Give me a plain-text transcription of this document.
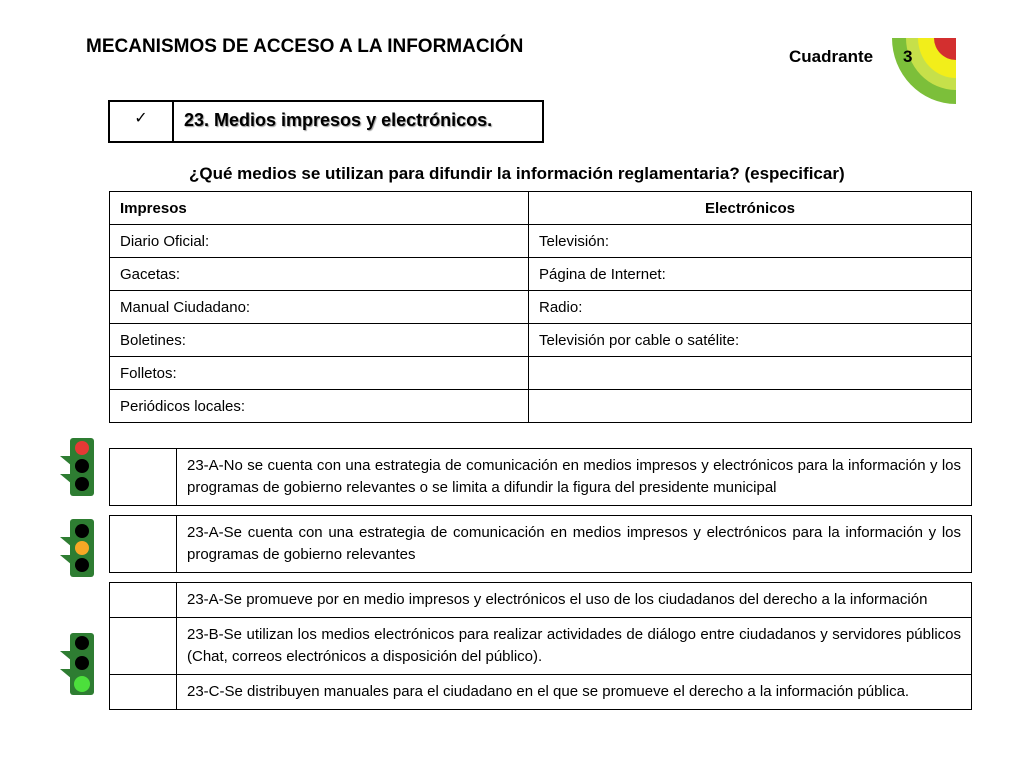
MECANISMOS DE ACCESO A LA INFORMACIÓN	Cuadrante 3
✓	23. Medios impresos y electrónicos.
¿Qué medios se utilizan para difundir la información reglamentaria? (especificar)
Impresos	Electrónicos
Diario Oficial:	Televisión:
Gacetas:	Página de Internet:
Manual Ciudadano:	Radio:
Boletines:	Televisión por cable o satélite:
Folletos:	
Periódicos locales:	
	23-A-No se cuenta con una estrategia de comunicación en medios impresos y electrónicos para la información y los programas de gobierno relevantes o se limita a difundir la figura del presidente municipal
	23-A-Se cuenta con una estrategia de comunicación en medios impresos y electrónicos para la información y los programas de gobierno relevantes
	23-A-Se promueve por en medio impresos y electrónicos el uso de los ciudadanos del derecho a la información
	23-B-Se utilizan los medios electrónicos para realizar actividades de diálogo entre ciudadanos y servidores públicos (Chat, correos electrónicos a disposición del público).
	23-C-Se distribuyen manuales para el ciudadano en el que se promueve el derecho a la información pública.
